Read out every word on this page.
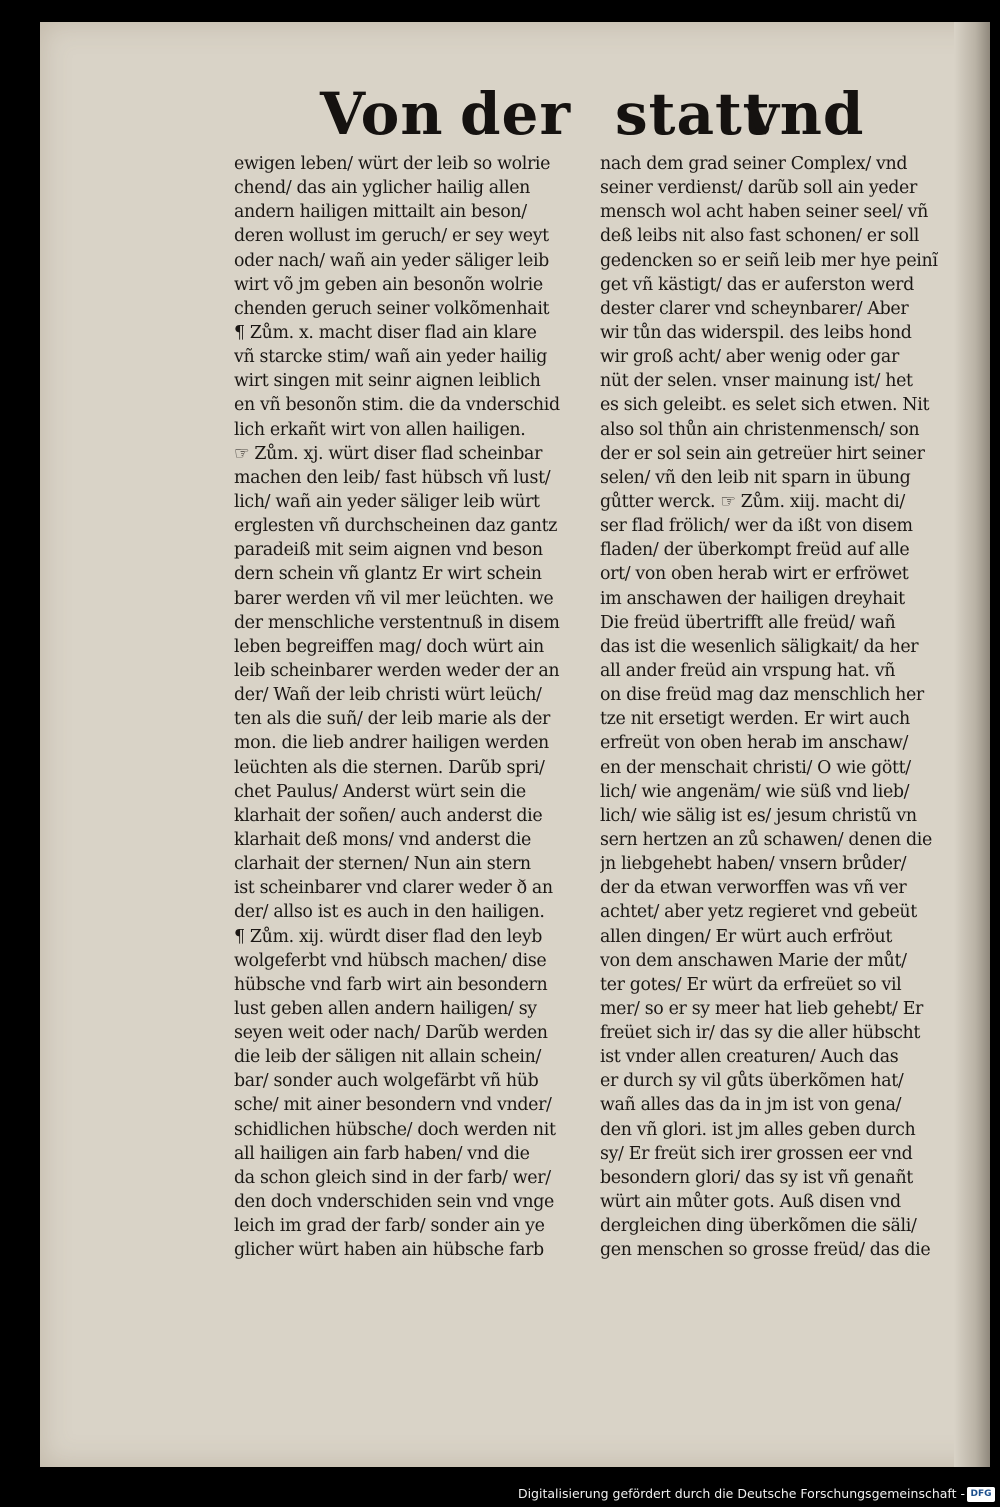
Von der statt
vnd
ewigen leben/ würt der leib so wolrie
chend/ das ain yglicher hailig allen
andern hailigen mittailt ain beson/
deren wollust im geruch/ er sey weyt
oder nach/ wañ ain yeder säliger leib
wirt võ jm geben ain besonõn wolrie
chenden geruch seiner volkõmenhait
¶ Zům. x. macht diser flad ain klare
vñ starcke stim/ wañ ain yeder hailig
wirt singen mit seinr aignen leiblich
en vñ besonõn stim. die da vnderschid
lich erkañt wirt von allen hailigen.
☞ Zům. xj. würt diser flad scheinbar
machen den leib/ fast hübsch vñ lust/
lich/ wañ ain yeder säliger leib würt
erglesten vñ durchscheinen daz gantz
paradeiß mit seim aignen vnd beson
dern schein vñ glantz Er wirt schein
barer werden vñ vil mer leüchten. we
der menschliche verstentnuß in disem
leben begreiffen mag/ doch würt ain
leib scheinbarer werden weder der an
der/ Wañ der leib christi würt leüch/
ten als die suñ/ der leib marie als der
mon. die lieb andrer hailigen werden
leüchten als die sternen. Darũb spri/
chet Paulus/ Anderst würt sein die
klarhait der soñen/ auch anderst die
klarhait deß mons/ vnd anderst die
clarhait der sternen/ Nun ain stern
ist scheinbarer vnd clarer weder ð an
der/ allso ist es auch in den hailigen.
¶ Zům. xij. würdt diser flad den leyb
wolgeferbt vnd hübsch machen/ dise
hübsche vnd farb wirt ain besondern
lust geben allen andern hailigen/ sy
seyen weit oder nach/ Darũb werden
die leib der säligen nit allain schein/
bar/ sonder auch wolgefärbt vñ hüb
sche/ mit ainer besondern vnd vnder/
schidlichen hübsche/ doch werden nit
all hailigen ain farb haben/ vnd die
da schon gleich sind in der farb/ wer/
den doch vnderschiden sein vnd vnge
leich im grad der farb/ sonder ain ye
glicher würt haben ain hübsche farb
nach dem grad seiner Complex/ vnd
seiner verdienst/ darũb soll ain yeder
mensch wol acht haben seiner seel/ vñ
deß leibs nit also fast schonen/ er soll
gedencken so er seiñ leib mer hye peinĩ
get vñ kästigt/ das er auferston werd
dester clarer vnd scheynbarer/ Aber
wir tůn das widerspil. des leibs hond
wir groß acht/ aber wenig oder gar
nüt der selen. vnser mainung ist/ het
es sich geleibt. es selet sich etwen. Nit
also sol thůn ain christenmensch/ son
der er sol sein ain getreüer hirt seiner
selen/ vñ den leib nit sparn in übung
gůtter werck. ☞ Zům. xiij. macht di/
ser flad frölich/ wer da ißt von disem
fladen/ der überkompt freüd auf alle
ort/ von oben herab wirt er erfröwet
im anschawen der hailigen dreyhait
Die freüd übertrifft alle freüd/ wañ
das ist die wesenlich säligkait/ da her
all ander freüd ain vrspung hat. vñ
on dise freüd mag daz menschlich her
tze nit ersetigt werden. Er wirt auch
erfreüt von oben herab im anschaw/
en der menschait christi/ O wie gött/
lich/ wie angenäm/ wie süß vnd lieb/
lich/ wie sälig ist es/ jesum christũ vn
sern hertzen an zů schawen/ denen die
jn liebgehebt haben/ vnsern brůder/
der da etwan verworffen was vñ ver
achtet/ aber yetz regieret vnd gebeüt
allen dingen/ Er würt auch erfröut
von dem anschawen Marie der můt/
ter gotes/ Er würt da erfreüet so vil
mer/ so er sy meer hat lieb gehebt/ Er
freüet sich ir/ das sy die aller hübscht
ist vnder allen creaturen/ Auch das
er durch sy vil gůts überkõmen hat/
wañ alles das da in jm ist von gena/
den vñ glori. ist jm alles geben durch
sy/ Er freüt sich irer grossen eer vnd
besondern glori/ das sy ist vñ genañt
würt ain můter gots. Auß disen vnd
dergleichen ding überkõmen die säli/
gen menschen so grosse freüd/ das die
Digitalisierung gefördert durch die Deutsche Forschungsgemeinschaft - DFG
